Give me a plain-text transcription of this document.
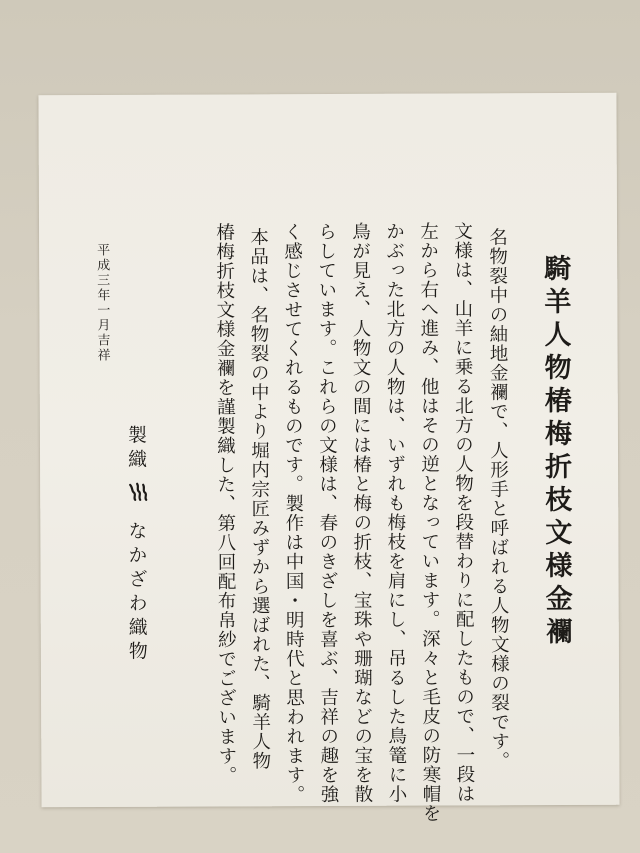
騎羊人物椿梅折枝文様金襴
名物裂中の紬地金襴で、人形手と呼ばれる人物文様の裂です。
文様は、山羊に乗る北方の人物を段替わりに配したもので、一段は
左から右へ進み、他はその逆となっています。深々と毛皮の防寒帽を
かぶった北方の人物は、いずれも梅枝を肩にし、吊るした鳥篭に小
鳥が見え、人物文の間には椿と梅の折枝、宝珠や珊瑚などの宝を散
らしています。これらの文様は、春のきざしを喜ぶ、吉祥の趣を強
く感じさせてくれるものです。製作は中国・明時代と思われます。
本品は、名物裂の中より堀内宗匠みずから選ばれた、騎羊人物
椿梅折枝文様金襴を謹製織した、第八回配布帛紗でございます。
製織
なかざわ織物
平成三年一月吉祥
